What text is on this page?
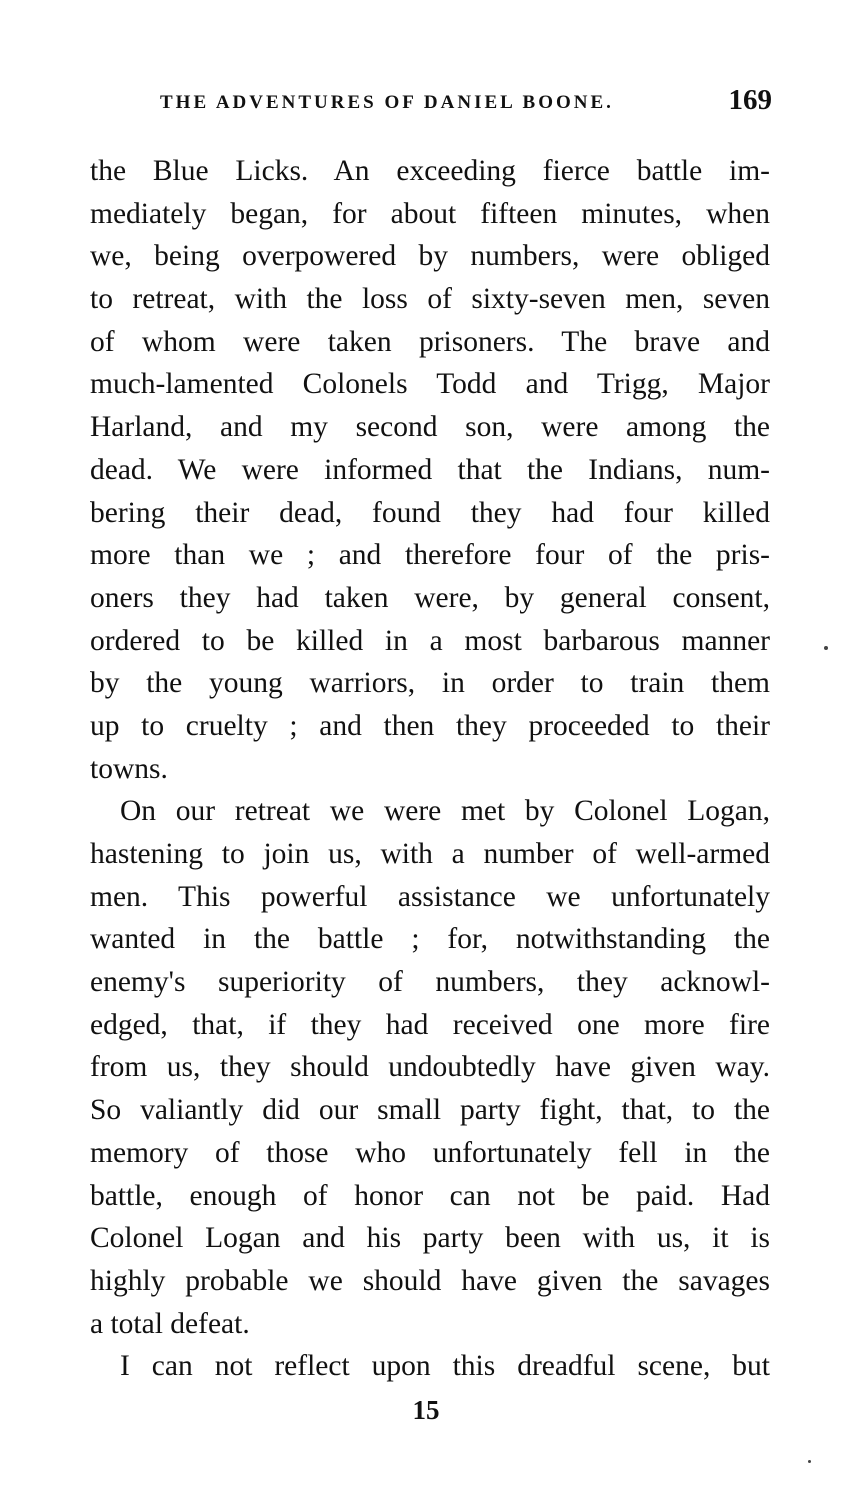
THE ADVENTURES OF DANIEL BOONE.	169
the Blue Licks. An exceeding fierce battle im-
mediately began, for about fifteen minutes, when
we, being overpowered by numbers, were obliged
to retreat, with the loss of sixty-seven men, seven
of whom were taken prisoners. The brave and
much-lamented Colonels Todd and Trigg, Major
Harland, and my second son, were among the
dead. We were informed that the Indians, num-
bering their dead, found they had four killed
more than we ; and therefore four of the pris-
oners they had taken were, by general consent,
ordered to be killed in a most barbarous manner
by the young warriors, in order to train them
up to cruelty ; and then they proceeded to their
towns.
On our retreat we were met by Colonel Logan,
hastening to join us, with a number of well-armed
men. This powerful assistance we unfortunately
wanted in the battle ; for, notwithstanding the
enemy's superiority of numbers, they acknowl-
edged, that, if they had received one more fire
from us, they should undoubtedly have given way.
So valiantly did our small party fight, that, to the
memory of those who unfortunately fell in the
battle, enough of honor can not be paid. Had
Colonel Logan and his party been with us, it is
highly probable we should have given the savages
a total defeat.
I can not reflect upon this dreadful scene, but
15
